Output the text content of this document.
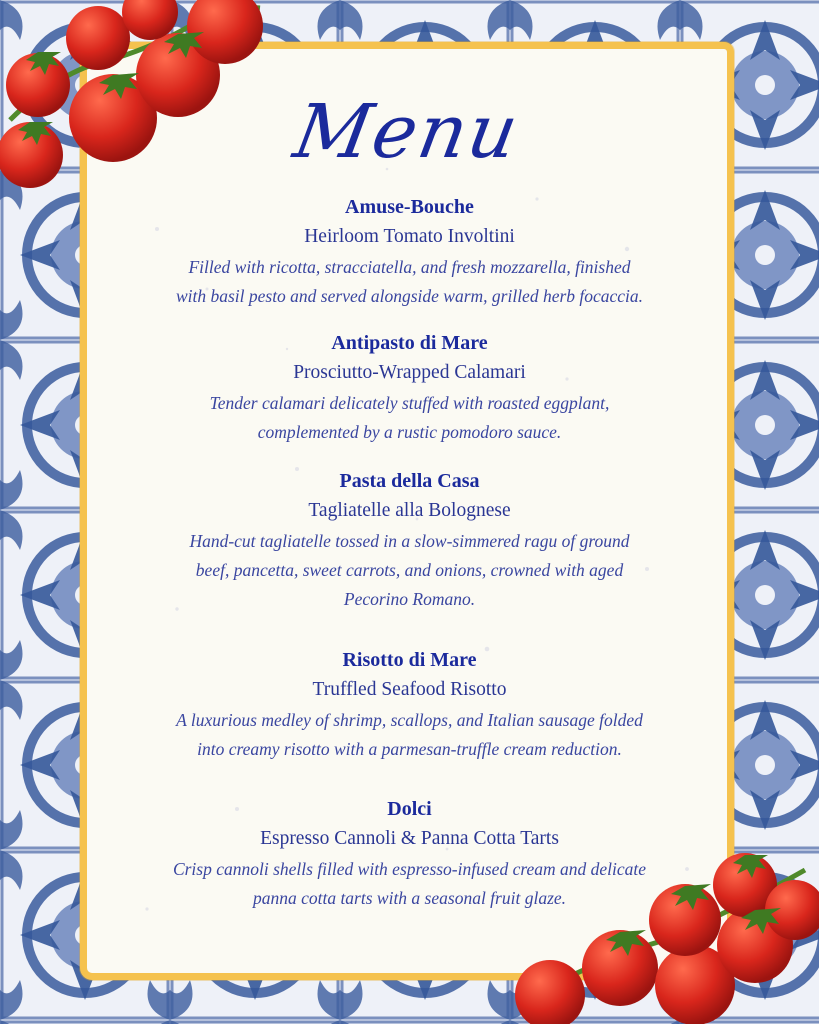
Menu
Amuse-Bouche
Heirloom Tomato Involtini
Filled with ricotta, stracciatella, and fresh mozzarella, finished
with basil pesto and served alongside warm, grilled herb focaccia.
Antipasto di Mare
Prosciutto-Wrapped Calamari
Tender calamari delicately stuffed with roasted eggplant,
complemented by a rustic pomodoro sauce.
Pasta della Casa
Tagliatelle alla Bolognese
Hand-cut tagliatelle tossed in a slow-simmered ragu of ground
beef, pancetta, sweet carrots, and onions, crowned with aged
Pecorino Romano.
Risotto di Mare
Truffled Seafood Risotto
A luxurious medley of shrimp, scallops, and Italian sausage folded
into creamy risotto with a parmesan-truffle cream reduction.
Dolci
Espresso Cannoli & Panna Cotta Tarts
Crisp cannoli shells filled with espresso-infused cream and delicate
panna cotta tarts with a seasonal fruit glaze.
